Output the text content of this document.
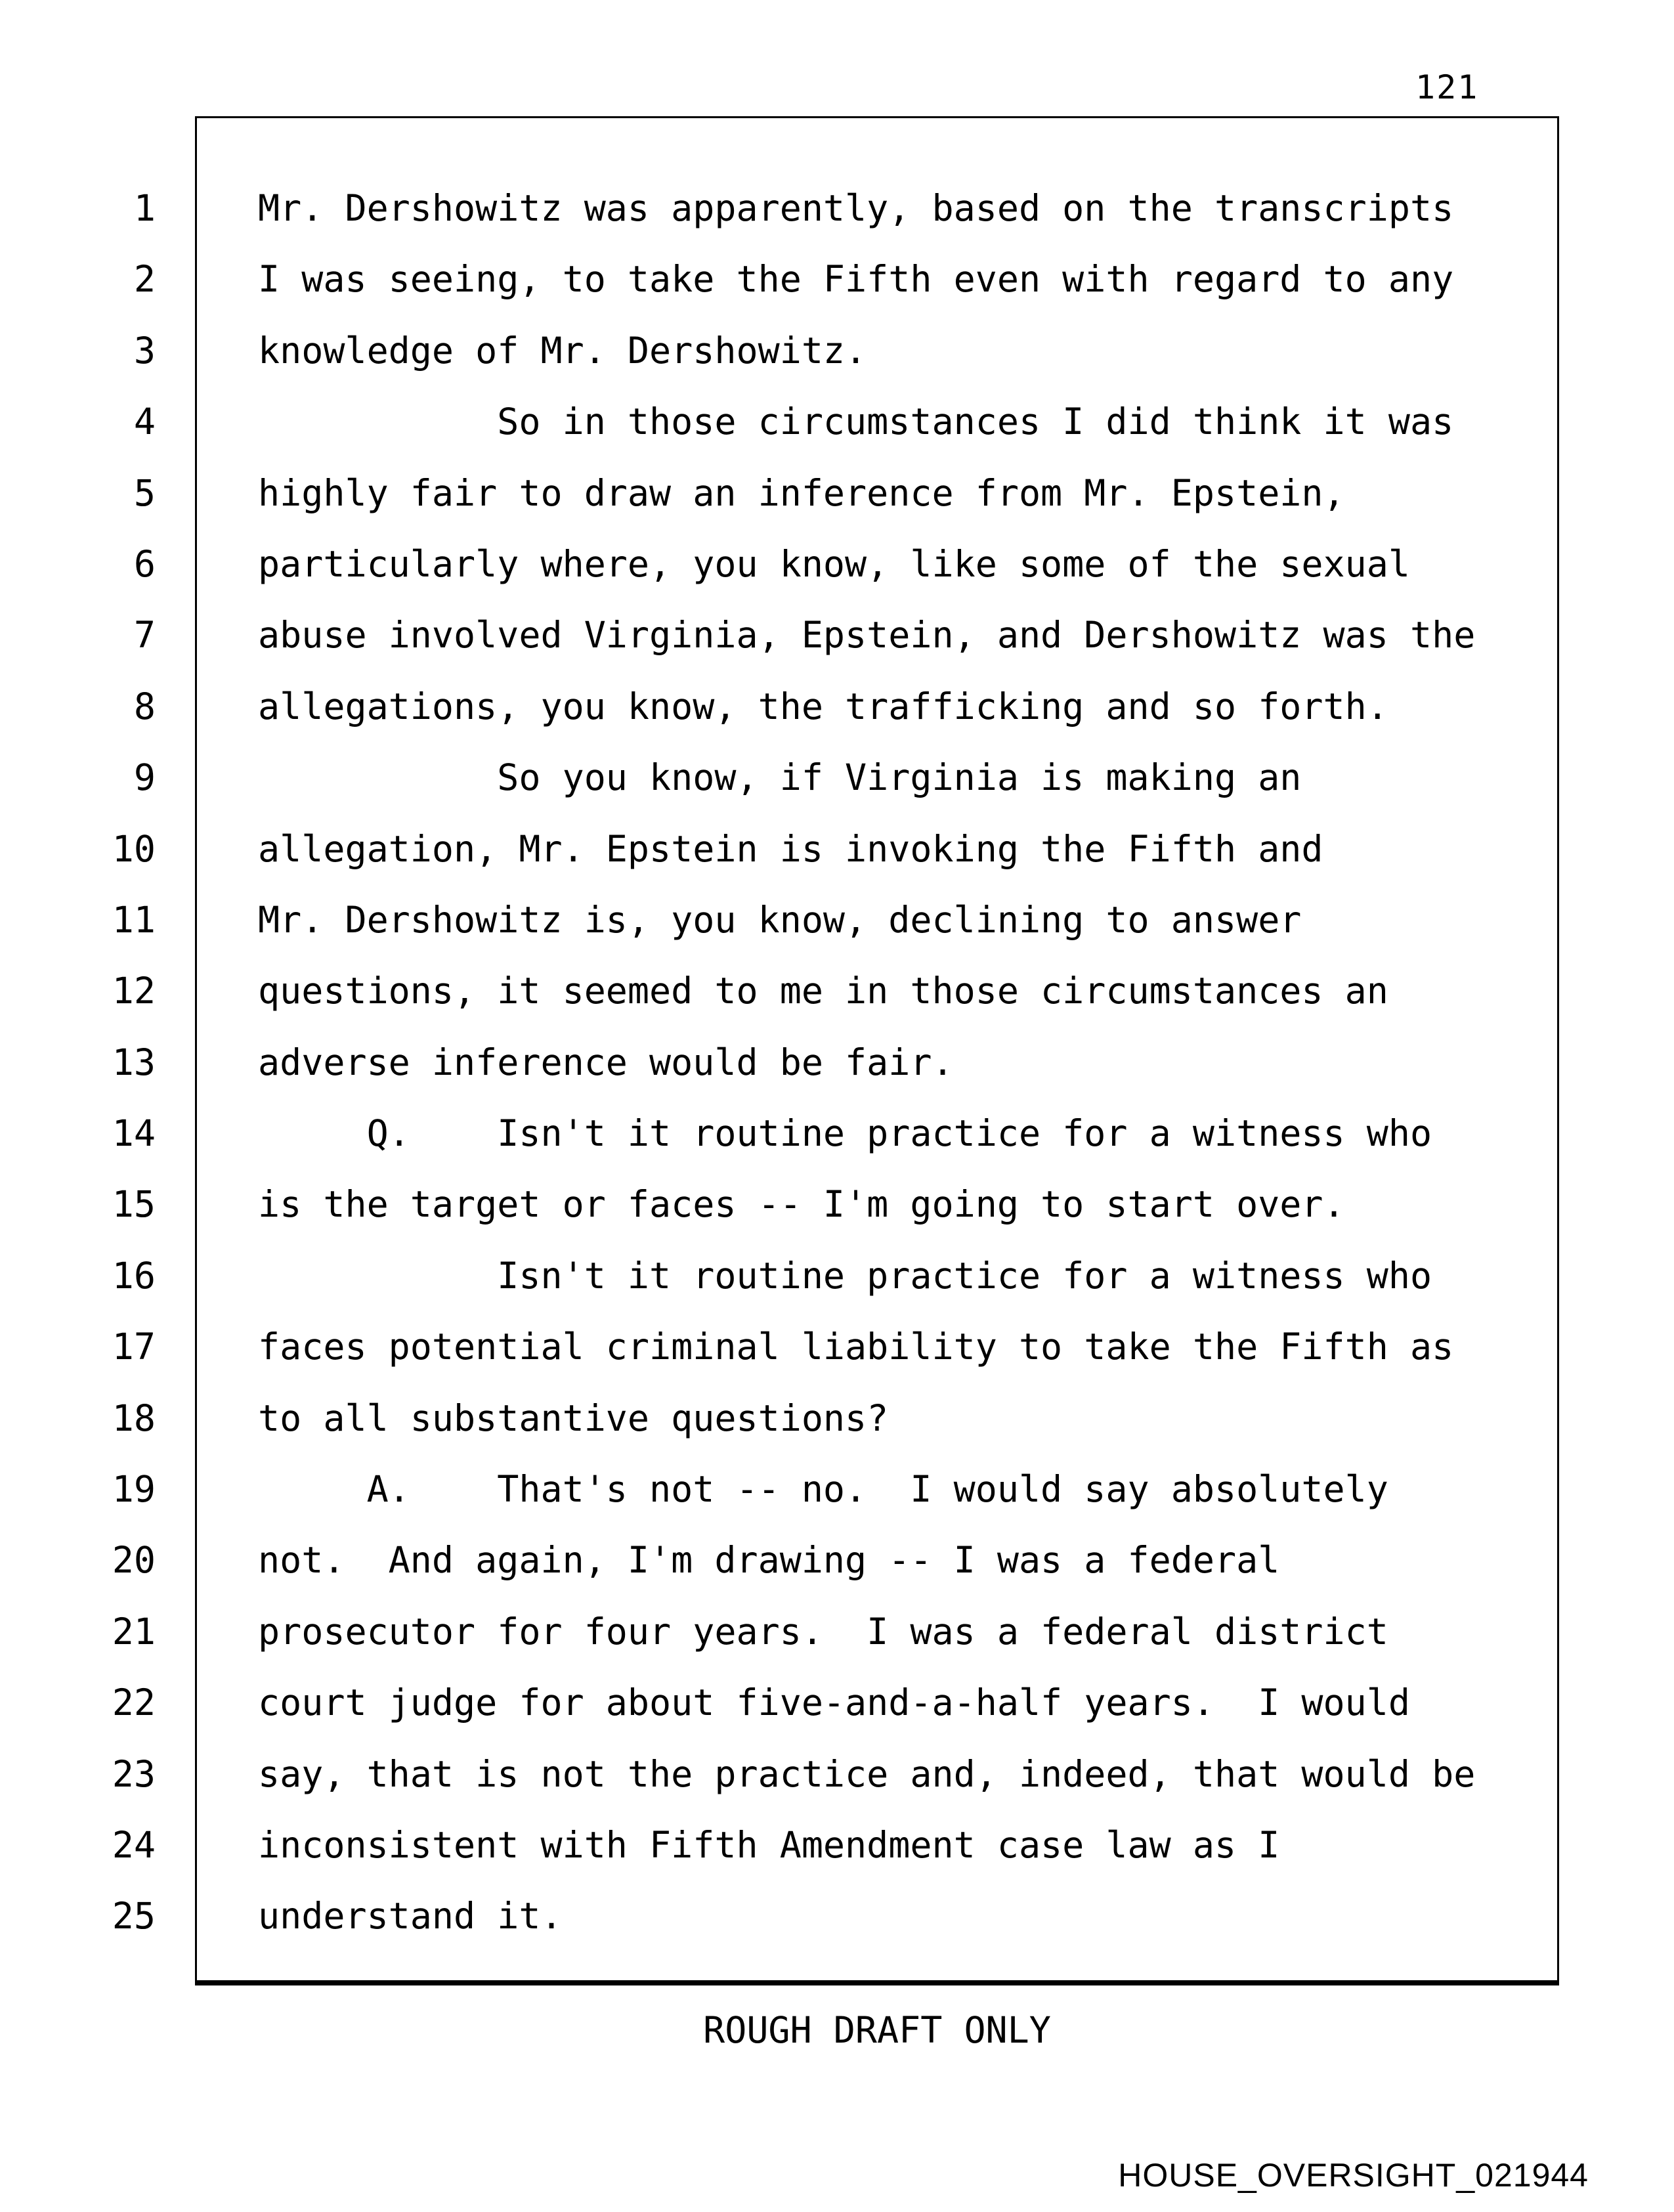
121
1
2
3
4
5
6
7
8
9
10
11
12
13
14
15
16
17
18
19
20
21
22
23
24
25
Mr. Dershowitz was apparently, based on the transcripts
I was seeing, to take the Fifth even with regard to any
knowledge of Mr. Dershowitz.
So in those circumstances I did think it was
highly fair to draw an inference from Mr. Epstein,
particularly where, you know, like some of the sexual
abuse involved Virginia, Epstein, and Dershowitz was the
allegations, you know, the trafficking and so forth.
So you know, if Virginia is making an
allegation, Mr. Epstein is invoking the Fifth and
Mr. Dershowitz is, you know, declining to answer
questions, it seemed to me in those circumstances an
adverse inference would be fair.
Q.    Isn't it routine practice for a witness who
is the target or faces -- I'm going to start over.
Isn't it routine practice for a witness who
faces potential criminal liability to take the Fifth as
to all substantive questions?
A.    That's not -- no.  I would say absolutely
not.  And again, I'm drawing -- I was a federal
prosecutor for four years.  I was a federal district
court judge for about five-and-a-half years.  I would
say, that is not the practice and, indeed, that would be
inconsistent with Fifth Amendment case law as I
understand it.
ROUGH DRAFT ONLY
HOUSE_OVERSIGHT_021944
